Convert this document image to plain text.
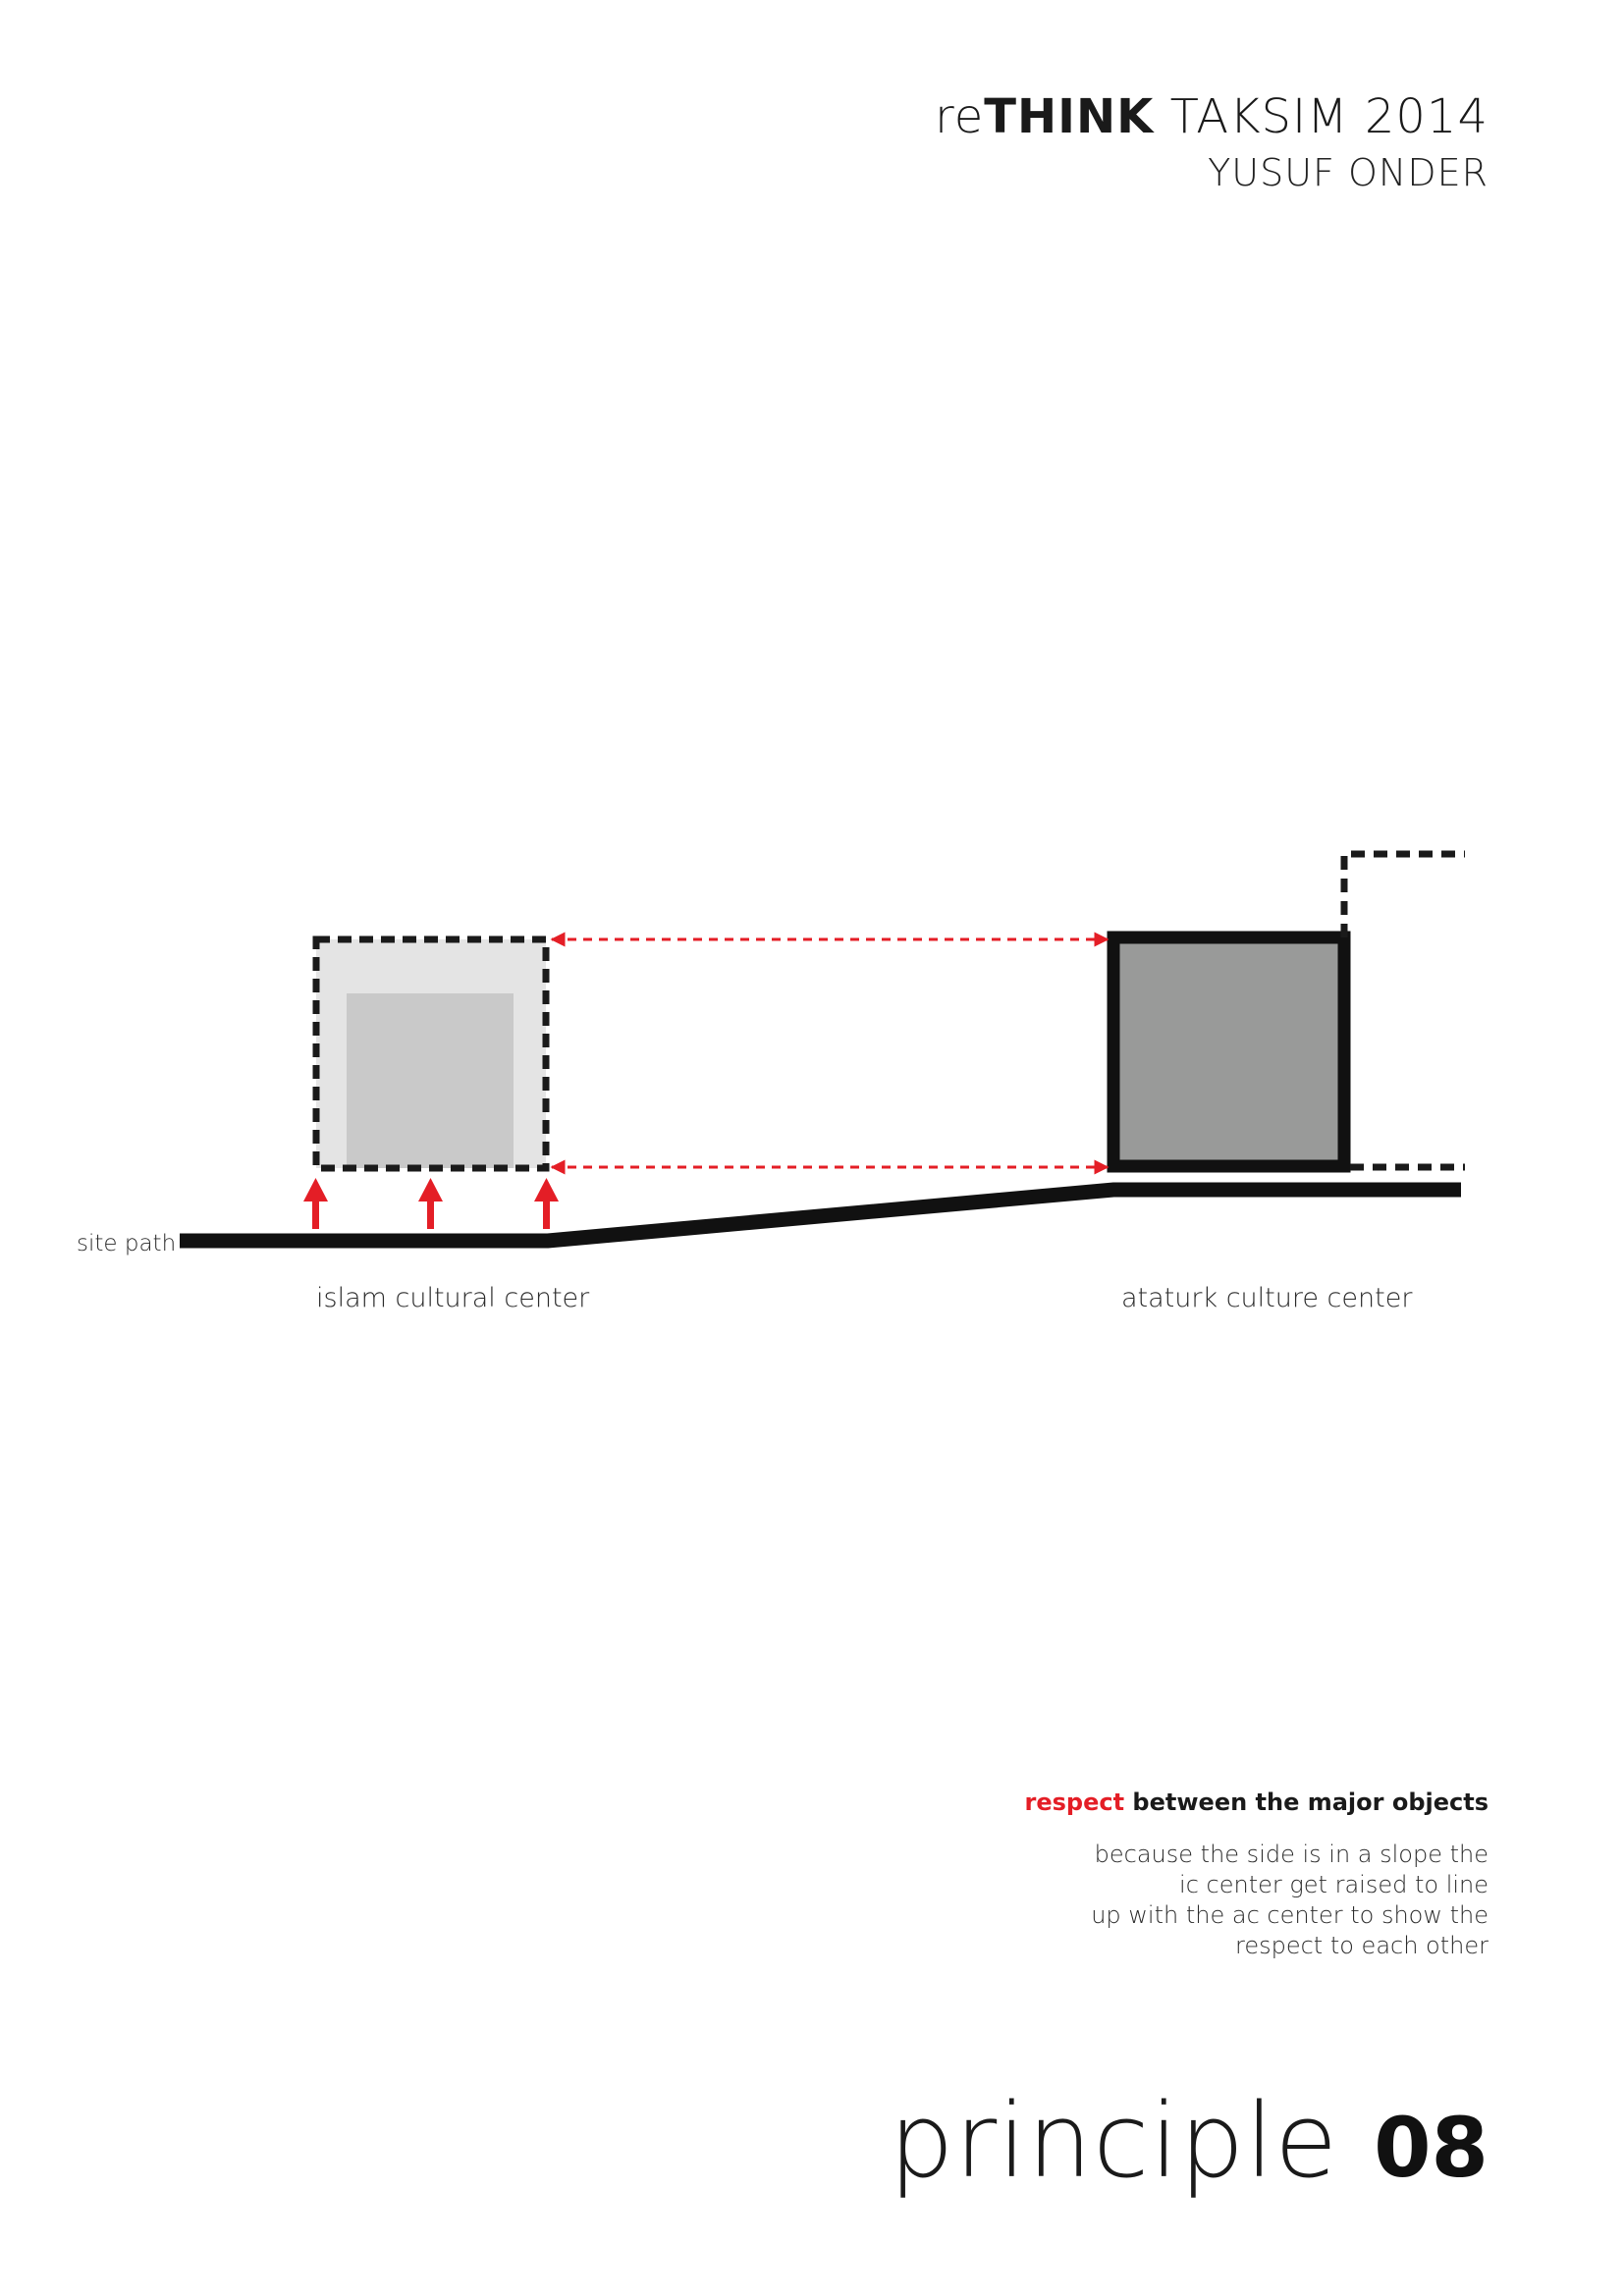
reTHINK TAKSIM 2014
YUSUF ONDER
site path
islam cultural center	ataturk culture center
respect between the major objects
because the side is in a slope the
ic center get raised to line
up with the ac center to show the
respect to each other
principle 08
